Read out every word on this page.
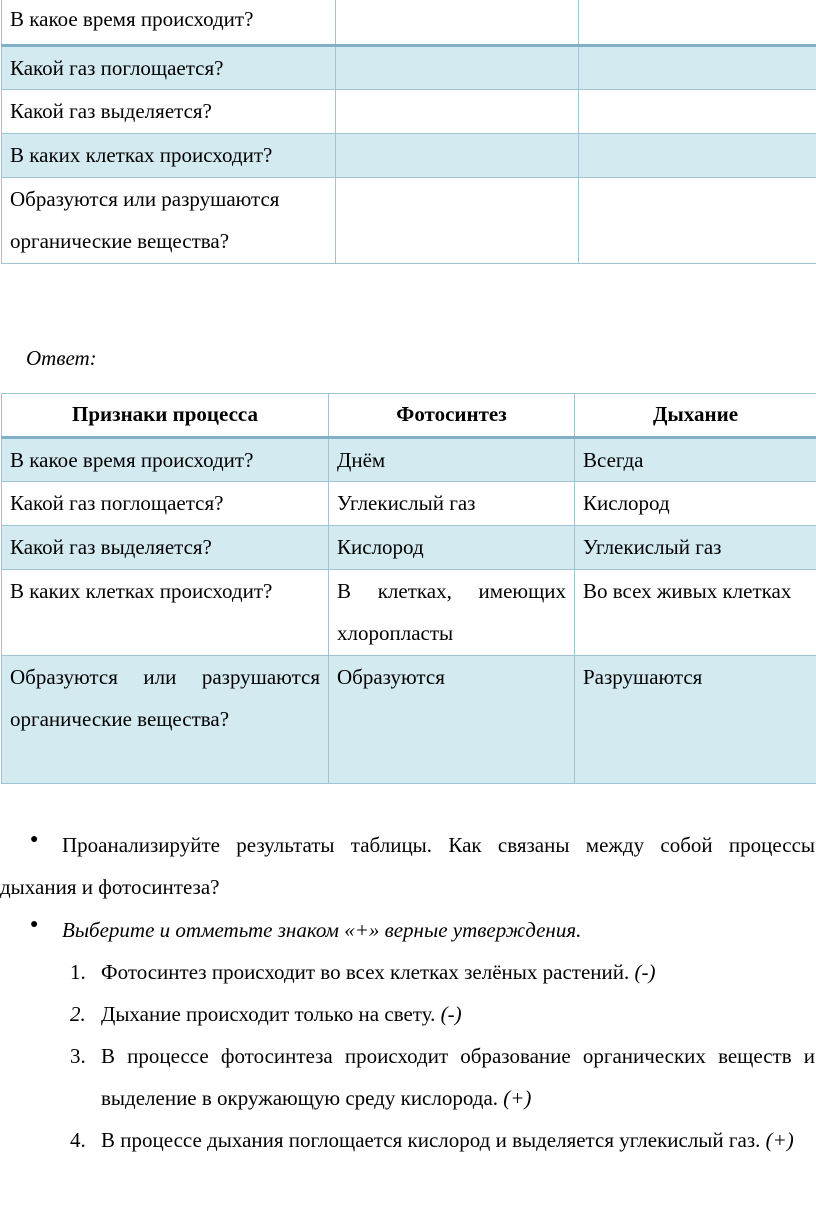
В какое время происходит?		
Какой газ поглощается?		
Какой газ выделяется?		
В каких клетках происходит?		
Образуются или разрушаются органические вещества?		
Ответ:
Признаки процесса	Фотосинтез	Дыхание
В какое время происходит?	Днём	Всегда
Какой газ поглощается?	Углекислый газ	Кислород
Какой газ выделяется?	Кислород	Углекислый газ
В каких клетках происходит?	В клетках, имеющих хлоропласты	Во всех живых клетках
Образуются или разрушаются органические вещества?	Образуются	Разрушаются
●	Проанализируйте результаты таблицы. Как связаны между собой процессы дыхания и фотосинтеза?
● Выберите и отметьте знаком «+» верные утверждения.
1. Фотосинтез происходит во всех клетках зелёных растений. (-)
2. Дыхание происходит только на свету. (-)
3. В процессе фотосинтеза происходит образование органических веществ и выделение в окружающую среду кислорода. (+)
4. В процессе дыхания поглощается кислород и выделяется углекислый газ. (+)
